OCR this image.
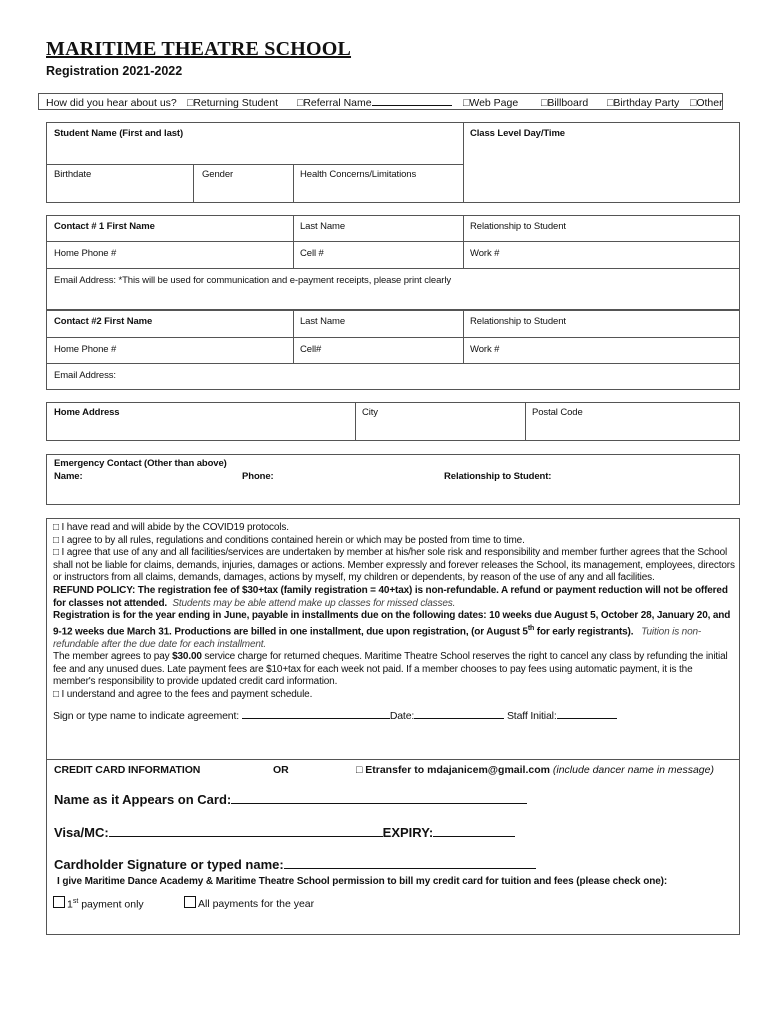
MARITIME THEATRE SCHOOL
Registration 2021-2022
How did you hear about us? □Returning Student □Referral Name	□Web Page □Billboard □Birthday Party □Other
Student Name (First and last)	Class Level Day/Time
Birthdate	Gender	Health Concerns/Limitations
Contact # 1 First Name	Last Name	Relationship to Student
Home Phone #	Cell #	Work #
Email Address: *This will be used for communication and e-payment receipts, please print clearly
Contact #2 First Name	Last Name	Relationship to Student
Home Phone #	Cell#	Work #
Email Address:
Home Address	City	Postal Code
Emergency Contact (Other than above)
Name:	Phone:	Relationship to Student:

□ I have read and will abide by the COVID19 protocols.

□ I agree to by all rules, regulations and conditions contained herein or which may be posted from time to time.

□ I agree that use of any and all facilities/services are undertaken by member at his/her sole risk and responsibility and member further agrees that the School shall not be liable for claims, demands, injuries, damages or actions. Member expressly and forever releases the School, its management, employees, directors or instructors from all claims, demands, damages, actions by myself, my children or dependents, by reason of the use of any and all facilities.

REFUND POLICY: The registration fee of $30+tax (family registration = 40+tax) is non-refundable. A refund or payment reduction will not be offered for classes not attended. Students may be able attend make up classes for missed classes.

Registration is for the year ending in June, payable in installments due on the following dates: 10 weeks due August 5, October 28, January 20, and 9-12 weeks due March 31. Productions are billed in one installment, due upon registration, (or August 5th for early registrants). Tuition is non-refundable after the due date for each installment.

The member agrees to pay $30.00 service charge for returned cheques. Maritime Theatre School reserves the right to cancel any class by refunding the initial fee and any unused dues. Late payment fees are $10+tax for each week not paid. If a member chooses to pay fees using automatic payment, it is the member's responsibility to provide updated credit card information.

□ I understand and agree to the fees and payment schedule.

Sign or type name to indicate agreement:	Date:	Staff Initial:

CREDIT CARD INFORMATION	OR	□ Etransfer to mdajanicem@gmail.com (include dancer name in message)
Name as it Appears on Card:
Visa/MC:	EXPIRY:
Cardholder Signature or typed name:
I give Maritime Dance Academy & Maritime Theatre School permission to bill my credit card for tuition and fees (please check one):
1st payment only	All payments for the year
